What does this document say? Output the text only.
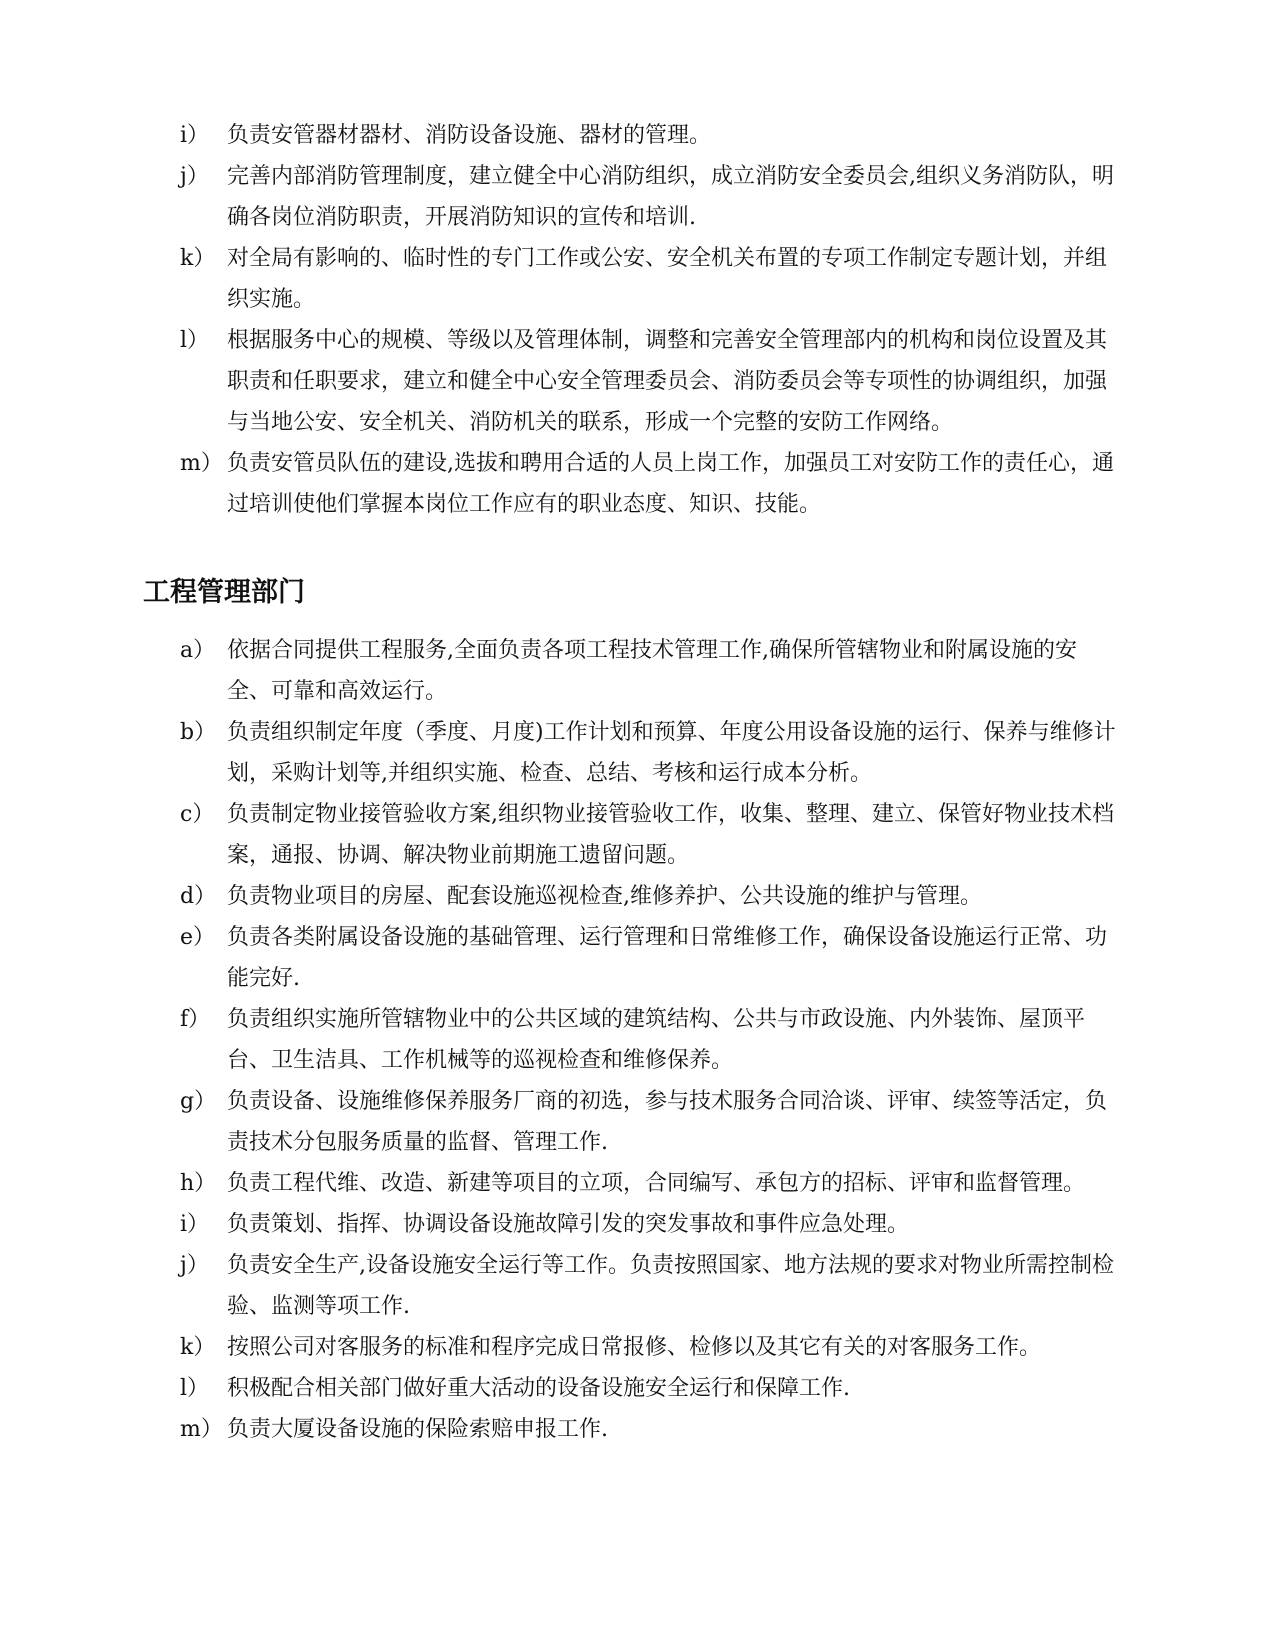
i） 负责安管器材器材、消防设备设施、器材的管理。
j） 完善内部消防管理制度，建立健全中心消防组织，成立消防安全委员会,组织义务消防队，明确各岗位消防职责，开展消防知识的宣传和培训.
k） 对全局有影响的、临时性的专门工作或公安、安全机关布置的专项工作制定专题计划，并组织实施。
l） 根据服务中心的规模、等级以及管理体制，调整和完善安全管理部内的机构和岗位设置及其职责和任职要求，建立和健全中心安全管理委员会、消防委员会等专项性的协调组织，加强与当地公安、安全机关、消防机关的联系，形成一个完整的安防工作网络。
m） 负责安管员队伍的建设,选拔和聘用合适的人员上岗工作，加强员工对安防工作的责任心，通过培训使他们掌握本岗位工作应有的职业态度、知识、技能。
工程管理部门
a） 依据合同提供工程服务,全面负责各项工程技术管理工作,确保所管辖物业和附属设施的安全、可靠和高效运行。
b） 负责组织制定年度（季度、月度)工作计划和预算、年度公用设备设施的运行、保养与维修计划，采购计划等,并组织实施、检查、总结、考核和运行成本分析。
c） 负责制定物业接管验收方案,组织物业接管验收工作，收集、整理、建立、保管好物业技术档案，通报、协调、解决物业前期施工遗留问题。
d） 负责物业项目的房屋、配套设施巡视检查,维修养护、公共设施的维护与管理。
e） 负责各类附属设备设施的基础管理、运行管理和日常维修工作，确保设备设施运行正常、功能完好.
f） 负责组织实施所管辖物业中的公共区域的建筑结构、公共与市政设施、内外装饰、屋顶平台、卫生洁具、工作机械等的巡视检查和维修保养。
g） 负责设备、设施维修保养服务厂商的初选，参与技术服务合同洽谈、评审、续签等活定，负责技术分包服务质量的监督、管理工作.
h） 负责工程代维、改造、新建等项目的立项，合同编写、承包方的招标、评审和监督管理。
i） 负责策划、指挥、协调设备设施故障引发的突发事故和事件应急处理。
j） 负责安全生产,设备设施安全运行等工作。负责按照国家、地方法规的要求对物业所需控制检验、监测等项工作.
k） 按照公司对客服务的标准和程序完成日常报修、检修以及其它有关的对客服务工作。
l） 积极配合相关部门做好重大活动的设备设施安全运行和保障工作.
m） 负责大厦设备设施的保险索赔申报工作.
